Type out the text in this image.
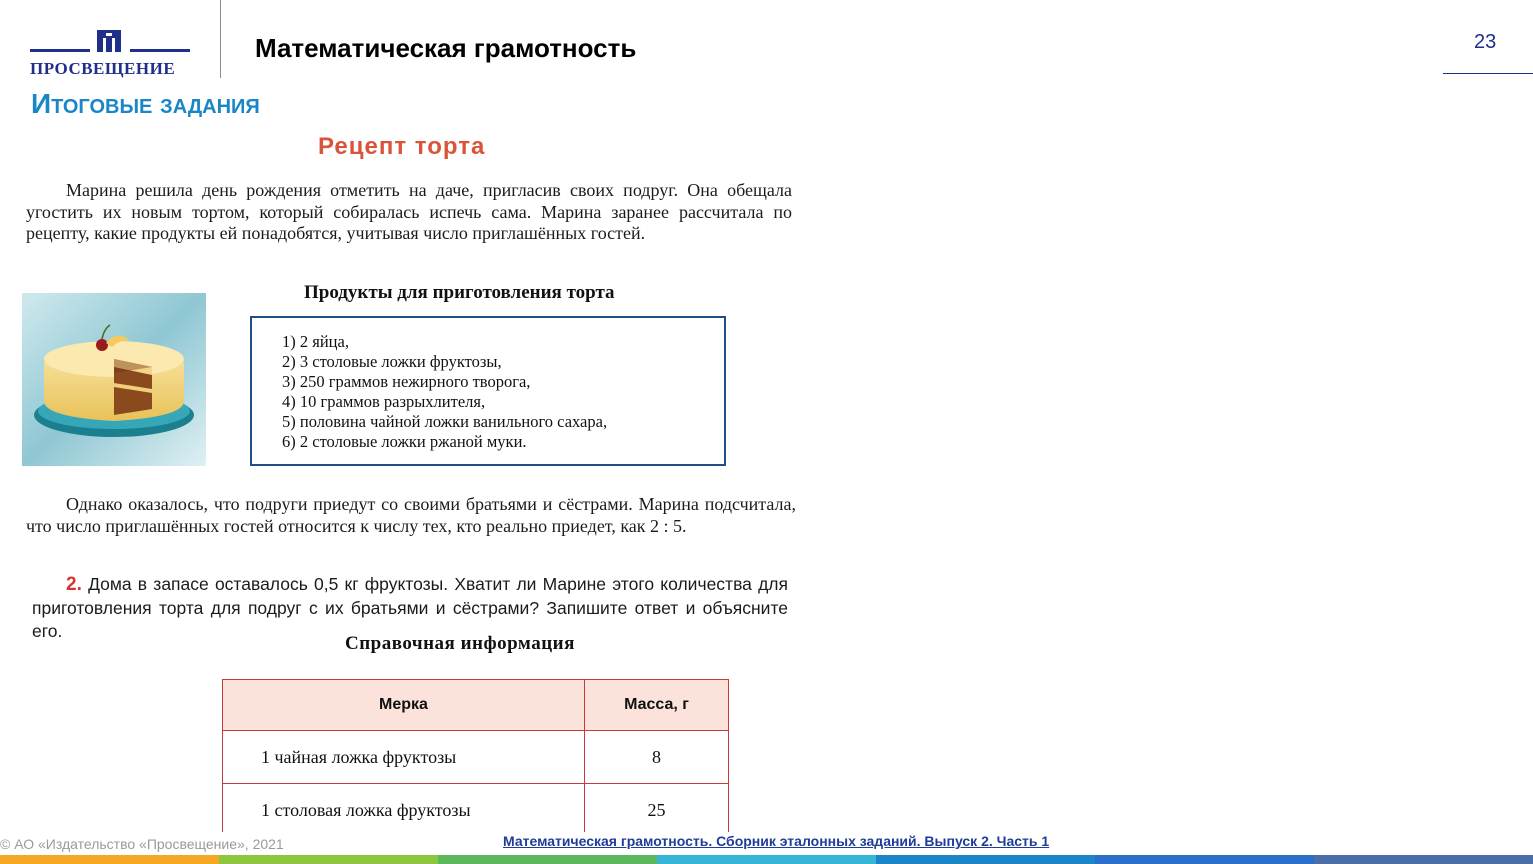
ПРОСВЕЩЕНИЕ
Математическая грамотность	23
Итоговые задания
Рецепт торта

Марина решила день рождения отметить на даче, пригласив своих подруг. Она обещала угостить их новым тортом, который собиралась испечь сама. Марина заранее рассчитала по рецепту, какие продукты ей понадобятся, учитывая число приглашённых гостей.

Продукты для приготовления торта
1) 2 яйца,
2) 3 столовые ложки фруктозы,
3) 250 граммов нежирного творога,
4) 10 граммов разрыхлителя,
5) половина чайной ложки ванильного сахара,
6) 2 столовые ложки ржаной муки.

Однако оказалось, что подруги приедут со своими братьями и сёстрами. Марина подсчитала, что число приглашённых гостей относится к числу тех, кто реально приедет, как 2 : 5.

2. Дома в запасе оставалось 0,5 кг фруктозы. Хватит ли Марине этого количества для приготовления торта для подруг с их братьями и сёстрами? Запишите ответ и объясните его.

Справочная информация
Мерка	Масса, г
1 чайная ложка фруктозы	8
1 столовая ложка фруктозы	25
© АО «Издательство «Просвещение», 2021	Математическая грамотность. Сборник эталонных заданий. Выпуск 2. Часть 1
